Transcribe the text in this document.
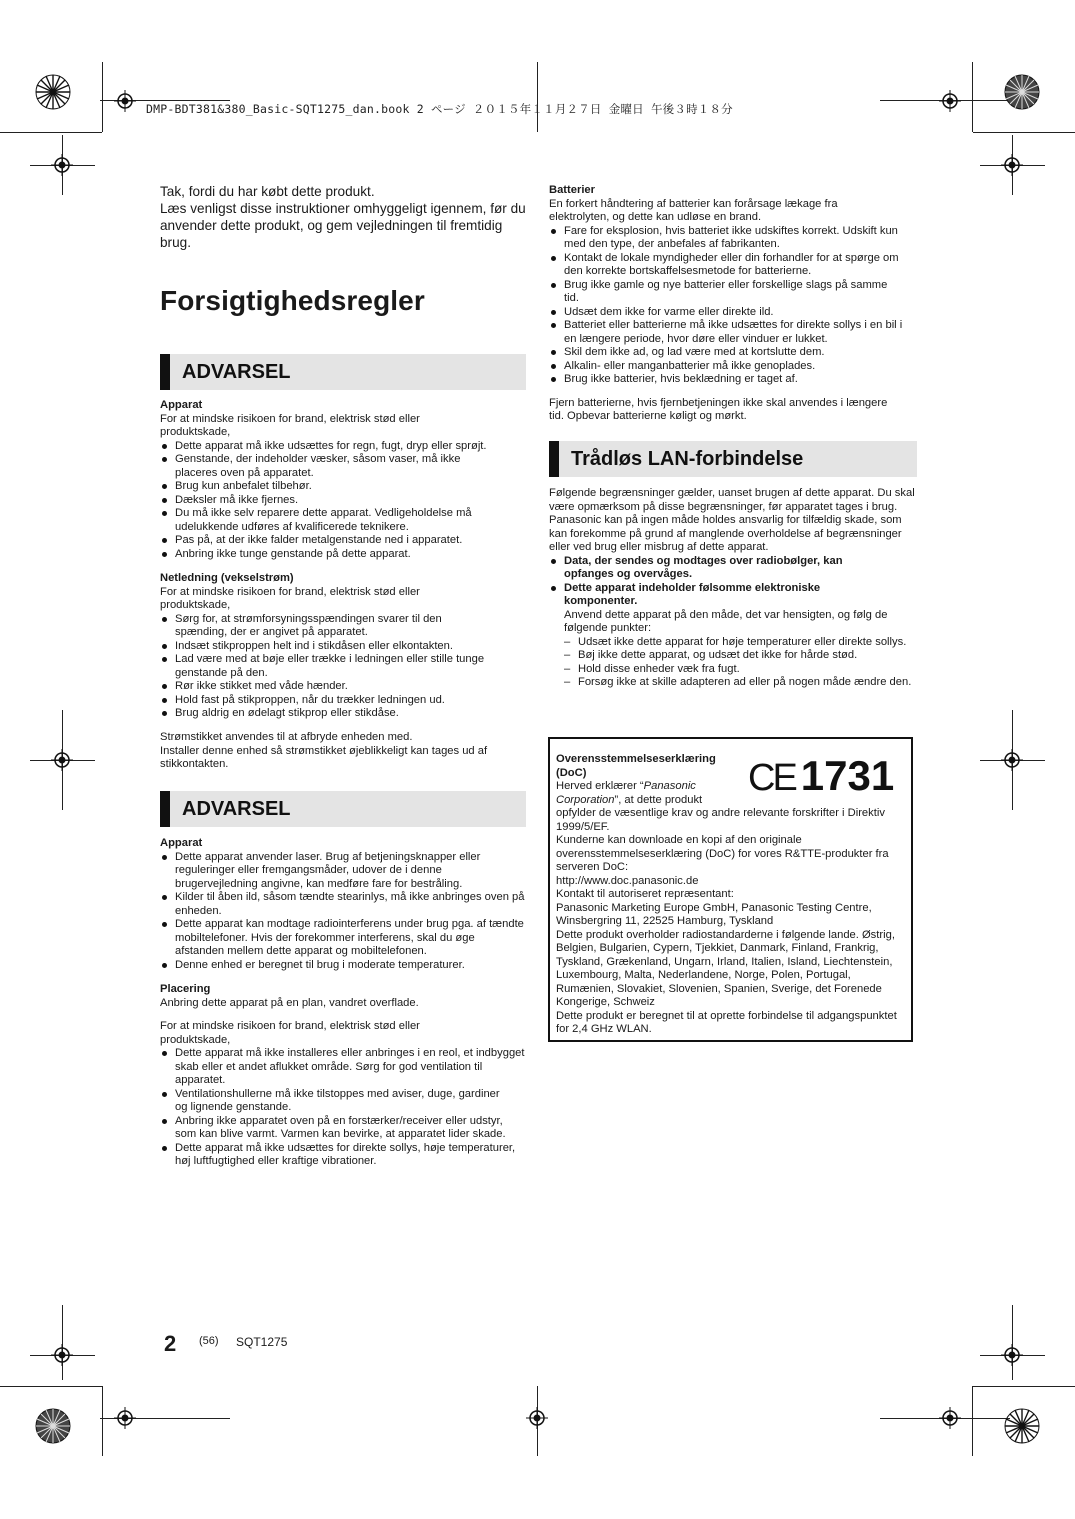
DMP-BDT381&380_Basic-SQT1275_dan.book 2 ページ ２０１５年１１月２７日 金曜日 午後３時１８分

Tak, fordi du har købt dette produkt.

Læs venligst disse instruktioner omhyggeligt igennem, før du anvender dette produkt, og gem vejledningen til fremtidig brug.

Forsigtighedsregler
ADVARSEL
Apparat

For at mindske risikoen for brand, elektrisk stød eller produktskade,

Dette apparat må ikke udsættes for regn, fugt, dryp eller sprøjt.
Genstande, der indeholder væsker, såsom vaser, må ikke placeres oven på apparatet.
Brug kun anbefalet tilbehør.
Dæksler må ikke fjernes.
Du må ikke selv reparere dette apparat. Vedligeholdelse må udelukkende udføres af kvalificerede teknikere.
Pas på, at der ikke falder metalgenstande ned i apparatet.
Anbring ikke tunge genstande på dette apparat.
Netledning (vekselstrøm)

For at mindske risikoen for brand, elektrisk stød eller produktskade,

Sørg for, at strømforsyningsspændingen svarer til den spænding, der er angivet på apparatet.
Indsæt stikproppen helt ind i stikdåsen eller elkontakten.
Lad være med at bøje eller trække i ledningen eller stille tunge genstande på den.
Rør ikke stikket med våde hænder.
Hold fast på stikproppen, når du trækker ledningen ud.
Brug aldrig en ødelagt stikprop eller stikdåse.

Strømstikket anvendes til at afbryde enheden med.

Installer denne enhed så strømstikket øjeblikkeligt kan tages ud af stikkontakten.

ADVARSEL
Apparat
Dette apparat anvender laser. Brug af betjeningsknapper eller reguleringer eller fremgangsmåder, udover de i denne brugervejledning angivne, kan medføre fare for bestråling.
Kilder til åben ild, såsom tændte stearinlys, må ikke anbringes oven på enheden.
Dette apparat kan modtage radiointerferens under brug pga. af tændte mobiltelefoner. Hvis der forekommer interferens, skal du øge afstanden mellem dette apparat og mobiltelefonen.
Denne enhed er beregnet til brug i moderate temperaturer.
Placering

Anbring dette apparat på en plan, vandret overflade.

For at mindske risikoen for brand, elektrisk stød eller produktskade,

Dette apparat må ikke installeres eller anbringes i en reol, et indbygget skab eller et andet aflukket område. Sørg for god ventilation til apparatet.
Ventilationshullerne må ikke tilstoppes med aviser, duge, gardiner og lignende genstande.
Anbring ikke apparatet oven på en forstærker/receiver eller udstyr, som kan blive varmt. Varmen kan bevirke, at apparatet lider skade.
Dette apparat må ikke udsættes for direkte sollys, høje temperaturer, høj luftfugtighed eller kraftige vibrationer.
Batterier

En forkert håndtering af batterier kan forårsage lækage fra elektrolyten, og dette kan udløse en brand.

Fare for eksplosion, hvis batteriet ikke udskiftes korrekt. Udskift kun med den type, der anbefales af fabrikanten.
Kontakt de lokale myndigheder eller din forhandler for at spørge om den korrekte bortskaffelsesmetode for batterierne.
Brug ikke gamle og nye batterier eller forskellige slags på samme tid.
Udsæt dem ikke for varme eller direkte ild.
Batteriet eller batterierne må ikke udsættes for direkte sollys i en bil i en længere periode, hvor døre eller vinduer er lukket.
Skil dem ikke ad, og lad være med at kortslutte dem.
Alkalin- eller manganbatterier må ikke genoplades.
Brug ikke batterier, hvis beklædning er taget af.

Fjern batterierne, hvis fjernbetjeningen ikke skal anvendes i længere tid. Opbevar batterierne køligt og mørkt.

Trådløs LAN-forbindelse

Følgende begrænsninger gælder, uanset brugen af dette apparat. Du skal være opmærksom på disse begrænsninger, før apparatet tages i brug.

Panasonic kan på ingen måde holdes ansvarlig for tilfældig skade, som kan forekomme på grund af manglende overholdelse af begrænsninger eller ved brug eller misbrug af dette apparat.

Data, der sendes og modtages over radiobølger, kan opfanges og overvåges.
Dette apparat indeholder følsomme elektroniske komponenter.

Anvend dette apparat på den måde, det var hensigten, og følg de følgende punkter:

– Udsæt ikke dette apparat for høje temperaturer eller direkte sollys.
– Bøj ikke dette apparat, og udsæt det ikke for hårde stød.
– Hold disse enheder væk fra fugt.
– Forsøg ikke at skille adapteren ad eller på nogen måde ændre den.
CE 1731

Overensstemmelseserklæring (DoC)

Herved erklærer “Panasonic Corporation”, at dette produkt

opfylder de væsentlige krav og andre relevante forskrifter i Direktiv 1999/5/EF.

Kunderne kan downloade en kopi af den originale overensstemmelseserklæring (DoC) for vores R&TTE-produkter fra serveren DoC:

http://www.doc.panasonic.de

Kontakt til autoriseret repræsentant:

Panasonic Marketing Europe GmbH, Panasonic Testing Centre, Winsbergring 11, 22525 Hamburg, Tyskland

Dette produkt overholder radiostandarderne i følgende lande. Østrig, Belgien, Bulgarien, Cypern, Tjekkiet, Danmark, Finland, Frankrig, Tyskland, Grækenland, Ungarn, Irland, Italien, Island, Liechtenstein, Luxembourg, Malta, Nederlandene, Norge, Polen, Portugal, Rumænien, Slovakiet, Slovenien, Spanien, Sverige, det Forenede Kongerige, Schweiz

Dette produkt er beregnet til at oprette forbindelse til adgangspunktet for 2,4 GHz WLAN.

2 (56) SQT1275
